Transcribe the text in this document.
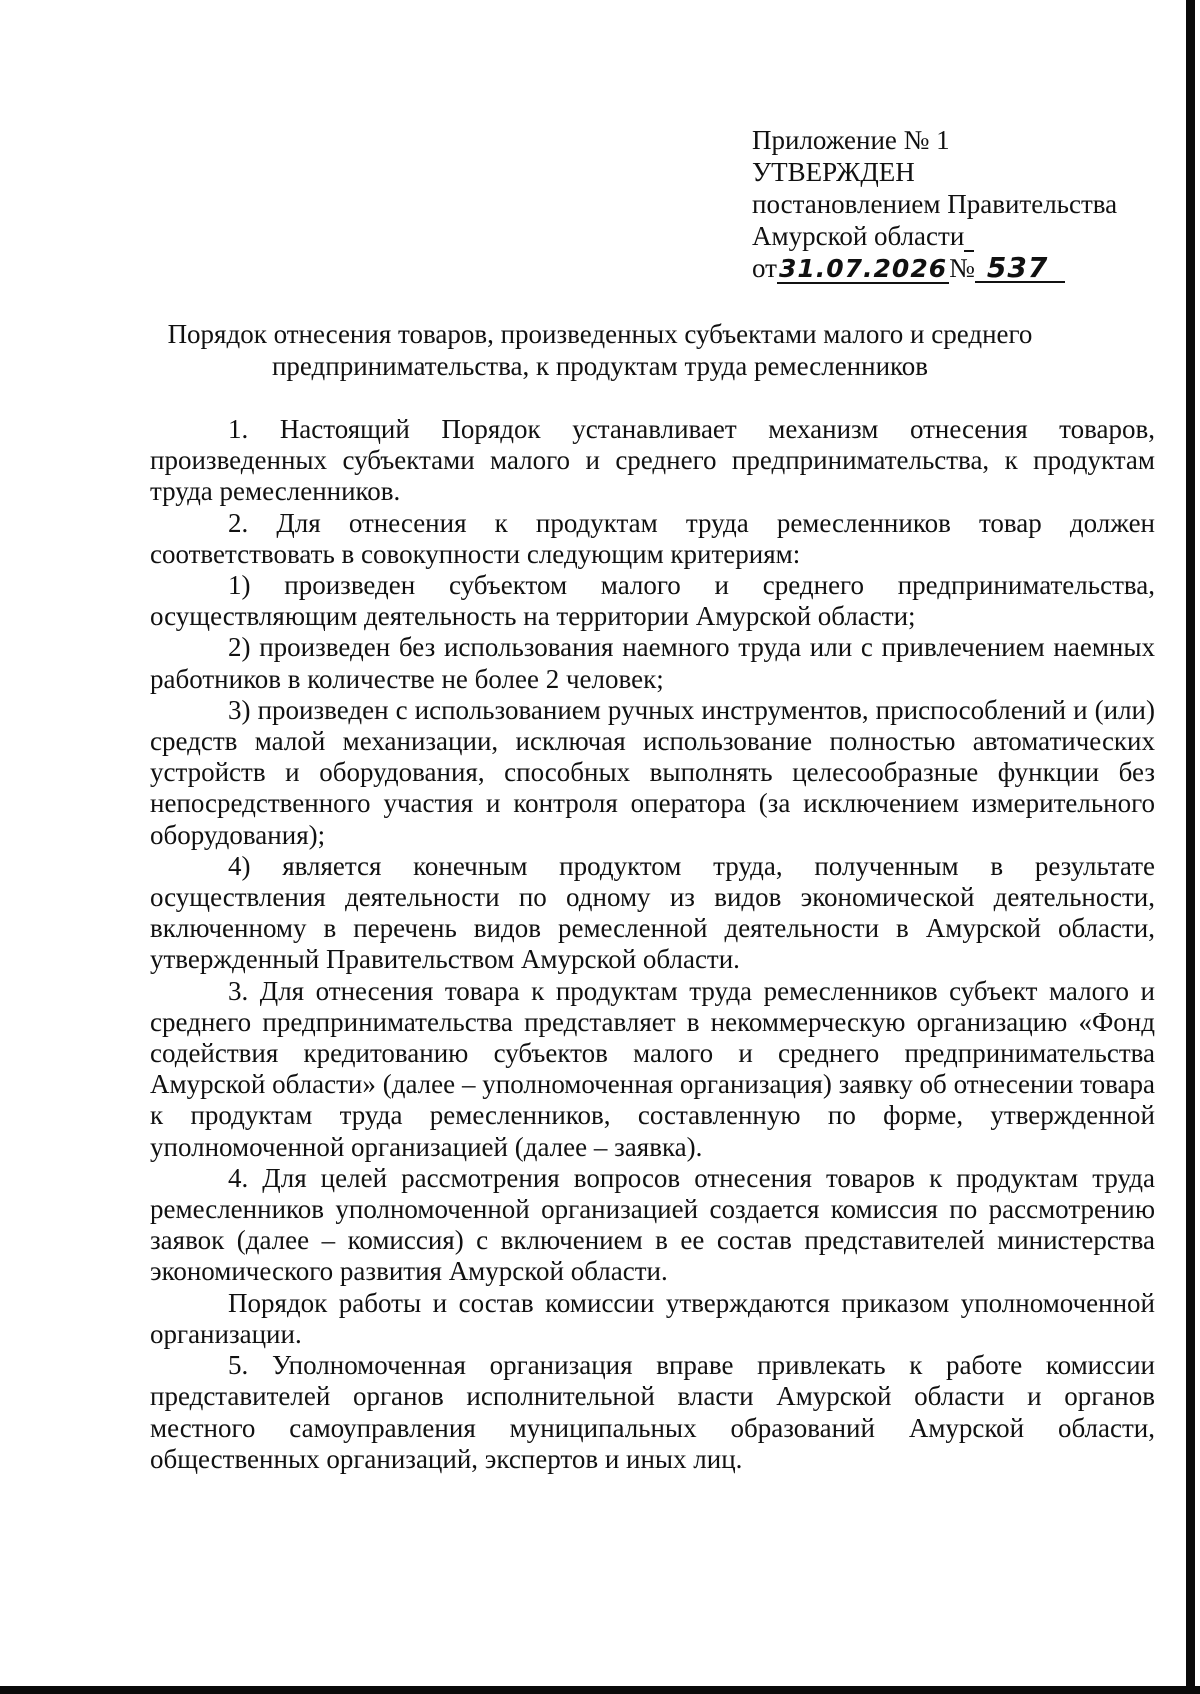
Приложение № 1
УТВЕРЖДЕН
постановлением Правительства
Амурской области
от31.07.2026№ 537
Порядок отнесения товаров, произведенных субъектами малого и среднего
предпринимательства, к продуктам труда ремесленников

1. Настоящий Порядок устанавливает механизм отнесения товаров, произведенных субъектами малого и среднего предпринимательства, к продуктам труда ремесленников.

2. Для отнесения к продуктам труда ремесленников товар должен соответствовать в совокупности следующим критериям:

1) произведен субъектом малого и среднего предпринимательства, осуществляющим деятельность на территории Амурской области;

2) произведен без использования наемного труда или с привлечением наемных работников в количестве не более 2 человек;

3) произведен с использованием ручных инструментов, приспособлений и (или) средств малой механизации, исключая использование полностью автоматических устройств и оборудования, способных выполнять целесообразные функции без непосредственного участия и контроля оператора (за исключением измерительного оборудования);

4) является конечным продуктом труда, полученным в результате осуществления деятельности по одному из видов экономической деятельности, включенному в перечень видов ремесленной деятельности в Амурской области, утвержденный Правительством Амурской области.

3. Для отнесения товара к продуктам труда ремесленников субъект малого и среднего предпринимательства представляет в некоммерческую организацию «Фонд содействия кредитованию субъектов малого и среднего предпринимательства Амурской области» (далее – уполномоченная организация) заявку об отнесении товара к продуктам труда ремесленников, составленную по форме, утвержденной уполномоченной организацией (далее – заявка).

4. Для целей рассмотрения вопросов отнесения товаров к продуктам труда ремесленников уполномоченной организацией создается комиссия по рассмотрению заявок (далее – комиссия) с включением в ее состав представителей министерства экономического развития Амурской области.

Порядок работы и состав комиссии утверждаются приказом уполномоченной организации.

5. Уполномоченная организация вправе привлекать к работе комиссии представителей органов исполнительной власти Амурской области и органов местного самоуправления муниципальных образований Амурской области, общественных организаций, экспертов и иных лиц.
